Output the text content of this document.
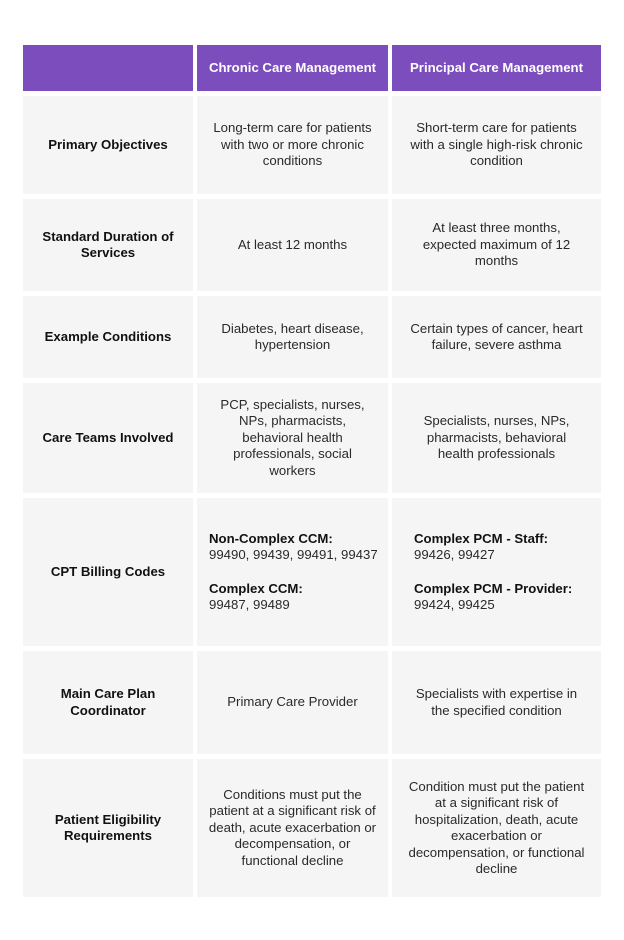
Chronic Care Management	Principal Care Management
Primary Objectives
Long-term care for patients with two or more chronic conditions
Short-term care for patients with a single high-risk chronic condition
Standard Duration of Services
At least 12 months
At least three months, expected maximum of 12 months
Example Conditions
Diabetes, heart disease, hypertension
Certain types of cancer, heart failure, severe asthma
Care Teams Involved
PCP, specialists, nurses, NPs, pharmacists, behavioral health professionals, social workers
Specialists, nurses, NPs, pharmacists, behavioral health professionals
CPT Billing Codes
Non-Complex CCM:
99490, 99439, 99491, 99437
Complex CCM:
99487, 99489
Complex PCM - Staff:
99426, 99427
Complex PCM - Provider:
99424, 99425
Main Care Plan Coordinator
Primary Care Provider
Specialists with expertise in the specified condition
Patient Eligibility Requirements
Conditions must put the patient at a significant risk of death, acute exacerbation or decompensation, or functional decline
Condition must put the patient at a significant risk of hospitalization, death, acute exacerbation or decompensation, or functional decline
